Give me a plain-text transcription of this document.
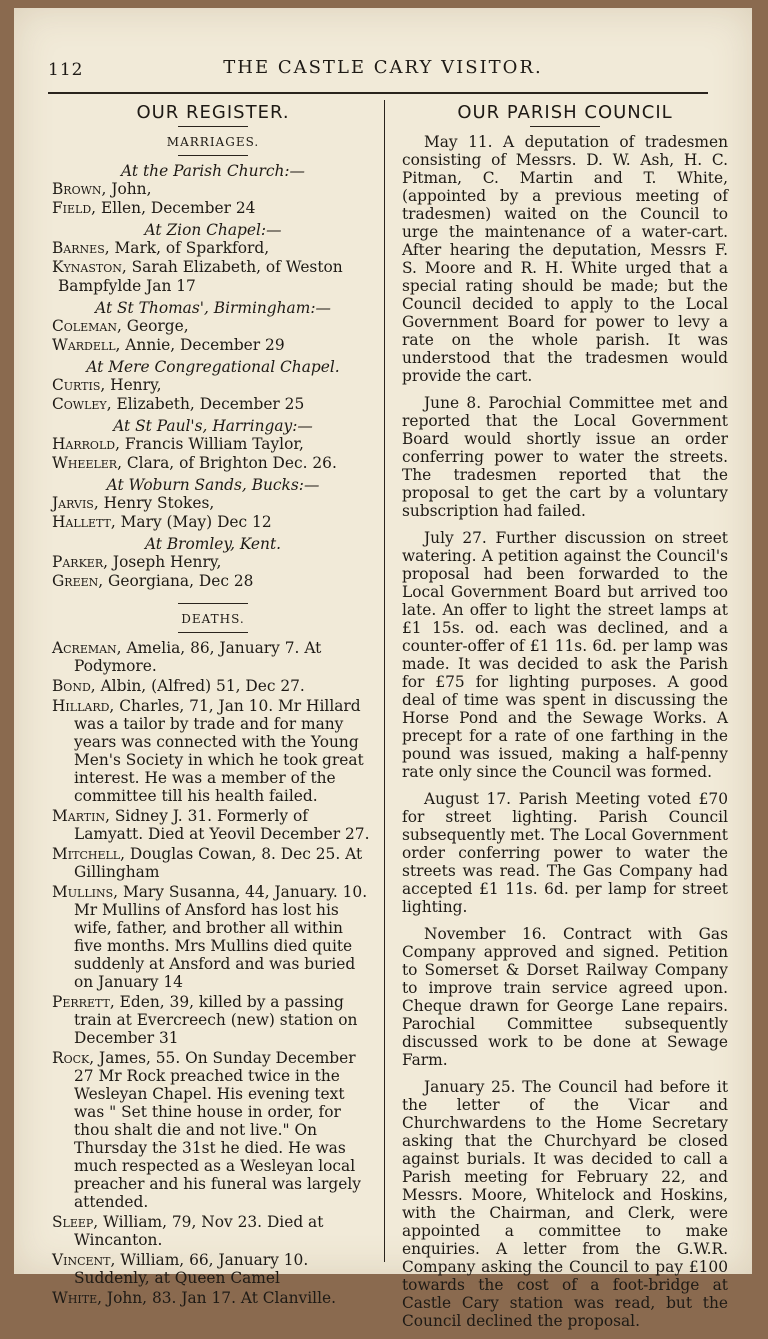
112	THE CASTLE CARY VISITOR.
OUR REGISTER.
MARRIAGES.
At the Parish Church:—
Brown, John,
Field, Ellen, December 24
At Zion Chapel:—
Barnes, Mark, of Sparkford,
Kynaston, Sarah Elizabeth, of Weston
Bampfylde Jan 17
At St Thomas', Birmingham:—
Coleman, George,
Wardell, Annie, December 29
At Mere Congregational Chapel.
Curtis, Henry,
Cowley, Elizabeth, December 25
At St Paul's, Harringay:—
Harrold, Francis William Taylor,
Wheeler, Clara, of Brighton Dec. 26.
At Woburn Sands, Bucks:—
Jarvis, Henry Stokes,
Hallett, Mary (May) Dec 12
At Bromley, Kent.
Parker, Joseph Henry,
Green, Georgiana, Dec 28
DEATHS.
Acreman, Amelia, 86, January 7. At Podymore.
Bond, Albin, (Alfred) 51, Dec 27.
Hillard, Charles, 71, Jan 10. Mr Hillard was a tailor by trade and for many years was connected with the Young Men's Society in which he took great interest. He was a member of the committee till his health failed.
Martin, Sidney J. 31. Formerly of Lamyatt. Died at Yeovil December 27.
Mitchell, Douglas Cowan, 8. Dec 25. At Gillingham
Mullins, Mary Susanna, 44, January. 10. Mr Mullins of Ansford has lost his wife, father, and brother all within five months. Mrs Mullins died quite suddenly at Ansford and was buried on January 14
Perrett, Eden, 39, killed by a passing train at Evercreech (new) station on December 31
Rock, James, 55. On Sunday December 27 Mr Rock preached twice in the Wesleyan Chapel. His evening text was " Set thine house in order, for thou shalt die and not live." On Thursday the 31st he died. He was much respected as a Wesleyan local preacher and his funeral was largely attended.
Sleep, William, 79, Nov 23. Died at Wincanton.
Vincent, William, 66, January 10. Suddenly, at Queen Camel
White, John, 83. Jan 17. At Clanville.
OUR PARISH COUNCIL

May 11. A deputation of tradesmen consisting of Messrs. D. W. Ash, H. C. Pitman, C. Martin and T. White, (appointed by a previous meeting of tradesmen) waited on the Council to urge the maintenance of a water-cart. After hearing the deputation, Messrs F. S. Moore and R. H. White urged that a special rating should be made; but the Council decided to apply to the Local Government Board for power to levy a rate on the whole parish. It was understood that the tradesmen would provide the cart.

June 8. Parochial Committee met and reported that the Local Government Board would shortly issue an order conferring power to water the streets. The tradesmen reported that the proposal to get the cart by a voluntary subscription had failed.

July 27. Further discussion on street watering. A petition against the Council's proposal had been forwarded to the Local Government Board but arrived too late. An offer to light the street lamps at £1 15s. od. each was declined, and a counter-offer of £1 11s. 6d. per lamp was made. It was decided to ask the Parish for £75 for lighting purposes. A good deal of time was spent in discussing the Horse Pond and the Sewage Works. A precept for a rate of one farthing in the pound was issued, making a half-penny rate only since the Council was formed.

August 17. Parish Meeting voted £70 for street lighting. Parish Council subsequently met. The Local Government order conferring power to water the streets was read. The Gas Company had accepted £1 11s. 6d. per lamp for street lighting.

November 16. Contract with Gas Company approved and signed. Petition to Somerset & Dorset Railway Company to improve train service agreed upon. Cheque drawn for George Lane repairs. Parochial Committee subsequently discussed work to be done at Sewage Farm.

January 25. The Council had before it the letter of the Vicar and Churchwardens to the Home Secretary asking that the Churchyard be closed against burials. It was decided to call a Parish meeting for February 22, and Messrs. Moore, Whitelock and Hoskins, with the Chairman, and Clerk, were appointed a committee to make enquiries. A letter from the G.W.R. Company asking the Council to pay £100 towards the cost of a foot-bridge at Castle Cary station was read, but the Council declined the proposal.
